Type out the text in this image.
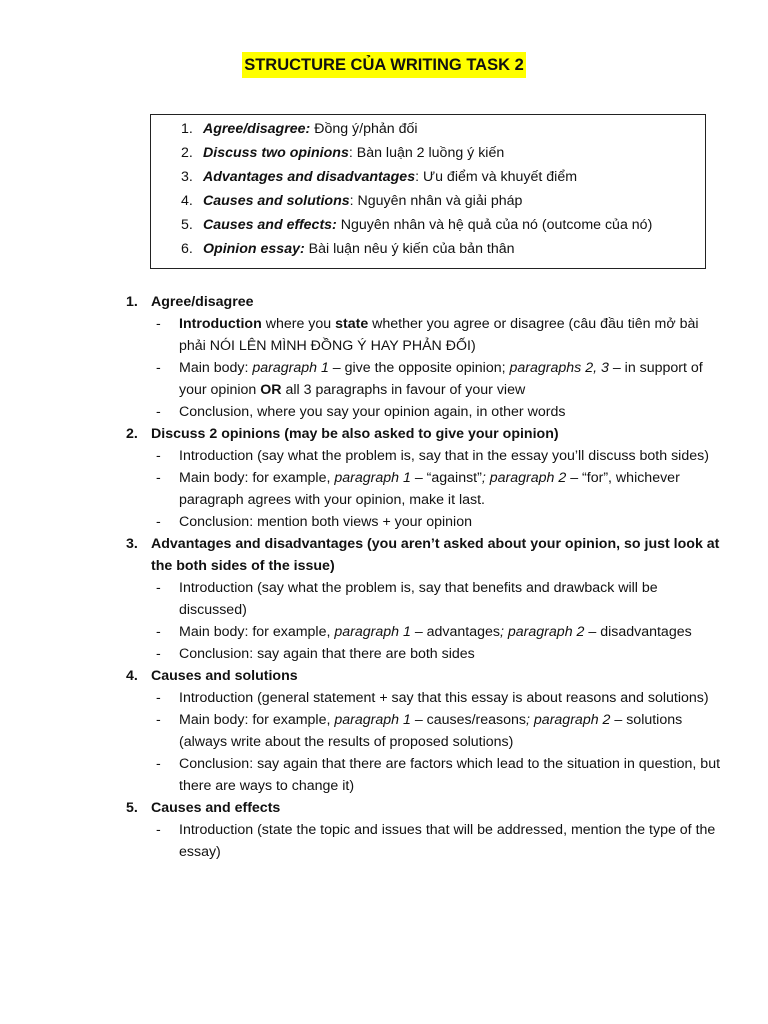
STRUCTURE CỦA WRITING TASK 2
1. Agree/disagree: Đồng ý/phản đối
2. Discuss two opinions: Bàn luận 2 luồng ý kiến
3. Advantages and disadvantages: Ưu điểm và khuyết điểm
4. Causes and solutions: Nguyên nhân và giải pháp
5. Causes and effects: Nguyên nhân và hệ quả của nó (outcome của nó)
6. Opinion essay: Bài luận nêu ý kiến của bản thân
1. Agree/disagree
- Introduction where you state whether you agree or disagree (câu đầu tiên mở bài phải NÓI LÊN MÌNH ĐỒNG Ý HAY PHẢN ĐỐI)
- Main body: paragraph 1 – give the opposite opinion; paragraphs 2, 3 – in support of your opinion OR all 3 paragraphs in favour of your view
- Conclusion, where you say your opinion again, in other words
2. Discuss 2 opinions (may be also asked to give your opinion)
- Introduction (say what the problem is, say that in the essay you’ll discuss both sides)
- Main body: for example, paragraph 1 – “against”; paragraph 2 – “for”, whichever paragraph agrees with your opinion, make it last.
- Conclusion: mention both views + your opinion
3. Advantages and disadvantages (you aren’t asked about your opinion, so just look at the both sides of the issue)
- Introduction (say what the problem is, say that benefits and drawback will be discussed)
- Main body: for example, paragraph 1 – advantages; paragraph 2 – disadvantages
- Conclusion: say again that there are both sides
4. Causes and solutions
- Introduction (general statement + say that this essay is about reasons and solutions)
- Main body: for example, paragraph 1 – causes/reasons; paragraph 2 – solutions (always write about the results of proposed solutions)
- Conclusion: say again that there are factors which lead to the situation in question, but there are ways to change it)
5. Causes and effects
- Introduction (state the topic and issues that will be addressed, mention the type of the essay)
